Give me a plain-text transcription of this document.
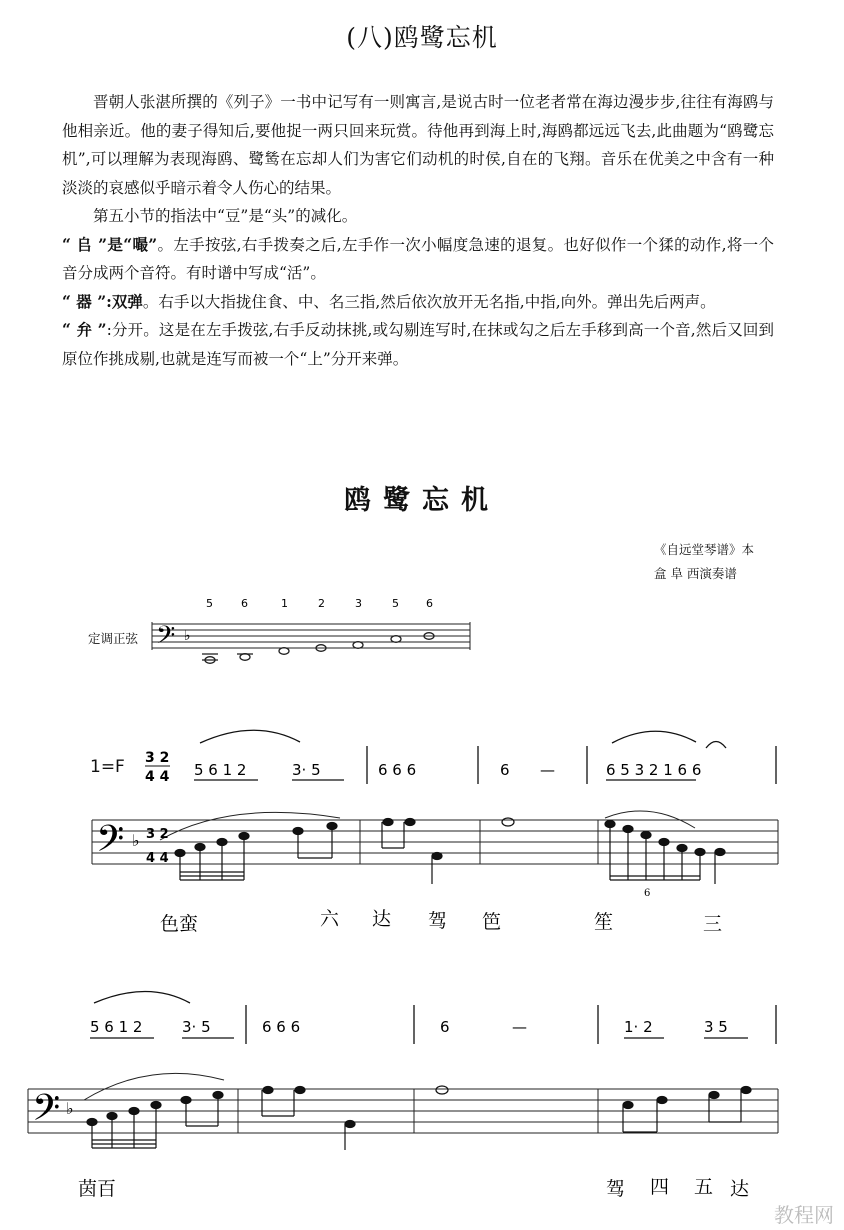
(八)鸥鹭忘机

晋朝人张湛所撰的《列子》一书中记写有一则寓言,是说古时一位老者常在海边漫步步,往往有海鸥与他相亲近。他的妻子得知后,要他捉一两只回来玩赏。待他再到海上时,海鸥都远远飞去,此曲题为“鸥鹭忘机”,可以理解为表现海鸥、鹭鸶在忘却人们为害它们动机的时侯,自在的飞翔。音乐在优美之中含有一种淡淡的哀感似乎暗示着令人伤心的结果。

第五小节的指法中“豆”是“头”的减化。

“ 𠂤 ”是“嘬”。左手按弦,右手拨奏之后,左手作一次小幅度急速的退复。也好似作一个猱的动作,将一个音分成两个音符。有时谱中写成“活”。

“ 器 ”:双弹。右手以大指拢住食、中、名三指,然后依次放开无名指,中指,向外。弹出先后两声。

“ 弁 ”:分开。这是在左手拨弦,右手反动抹挑,或勾剔连写时,在抹或勾之后左手移到高一个音,然后又回到原位作挑成剔,也就是连写而被一个“上”分开来弹。

鸥鹭忘机
《自远堂琴谱》本
盒 阜 西演奏谱
定调正弦
1=F
𝄢 ♭
5	6	1	2	3	5 6
3 2
4 4 5 6 1 2	3· 5	6 6 6	6 —	6 5 3 2 1 6 6
𝄢 ♭ 3 2
4 4
6
色蛮	六 达 驾 笆	笙	三
5 6 1 2	3· 5	6 6 6	6	—	1· 2	3 5
𝄢 ♭
茵百	驾 四 五 达
教程网
